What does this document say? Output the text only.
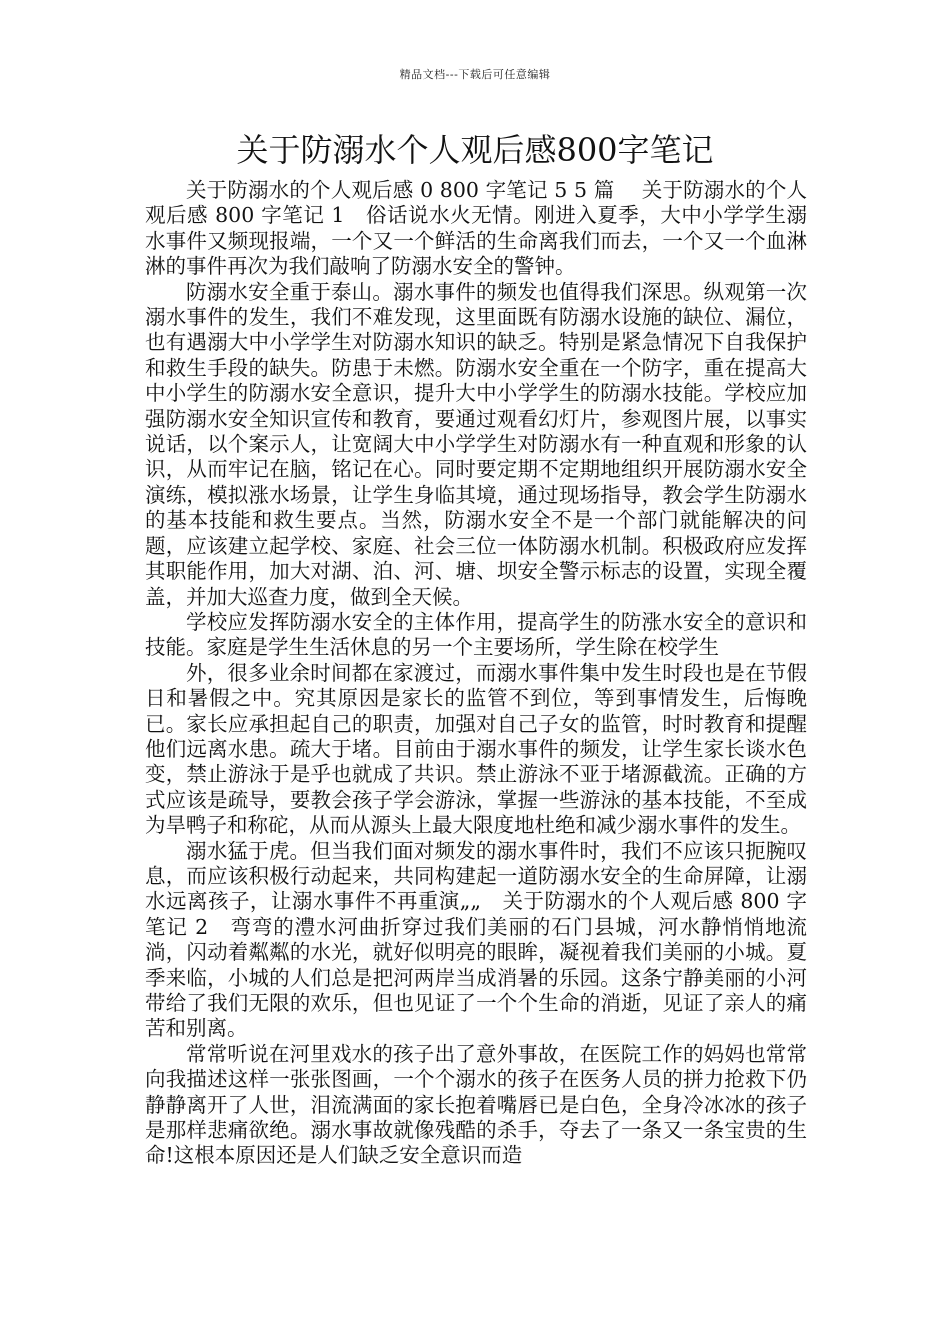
精品文档---下载后可任意编辑
关于防溺水个人观后感800字笔记

关于防溺水的个人观后感 0 800 字笔记 5 5 篇　 关于防溺水的个人观后感 800 字笔记 1　俗话说水火无情。刚进入夏季，大中小学学生溺水事件又频现报端，一个又一个鲜活的生命离我们而去，一个又一个血淋淋的事件再次为我们敲响了防溺水安全的警钟。

防溺水安全重于泰山。溺水事件的频发也值得我们深思。纵观第一次溺水事件的发生，我们不难发现，这里面既有防溺水设施的缺位、漏位，也有遇溺大中小学学生对防溺水知识的缺乏。特别是紧急情况下自我保护和救生手段的缺失。防患于未燃。防溺水安全重在一个防字，重在提高大中小学生的防溺水安全意识，提升大中小学学生的防溺水技能。学校应加强防溺水安全知识宣传和教育，要通过观看幻灯片，参观图片展，以事实说话，以个案示人，让宽阔大中小学学生对防溺水有一种直观和形象的认识，从而牢记在脑，铭记在心。同时要定期不定期地组织开展防溺水安全演练，模拟涨水场景，让学生身临其境，通过现场指导，教会学生防溺水的基本技能和救生要点。当然，防溺水安全不是一个部门就能解决的问题，应该建立起学校、家庭、社会三位一体防溺水机制。积极政府应发挥其职能作用，加大对湖、泊、河、塘、坝安全警示标志的设置，实现全覆盖，并加大巡查力度，做到全天候。

学校应发挥防溺水安全的主体作用，提高学生的防涨水安全的意识和技能。家庭是学生生活休息的另一个主要场所，学生除在校学生

外，很多业余时间都在家渡过，而溺水事件集中发生时段也是在节假日和暑假之中。究其原因是家长的监管不到位，等到事情发生，后悔晚已。家长应承担起自己的职责，加强对自己子女的监管，时时教育和提醒他们远离水患。疏大于堵。目前由于溺水事件的频发，让学生家长谈水色变，禁止游泳于是乎也就成了共识。禁止游泳不亚于堵源截流。正确的方式应该是疏导，要教会孩子学会游泳，掌握一些游泳的基本技能，不至成为旱鸭子和称砣，从而从源头上最大限度地杜绝和减少溺水事件的发生。

溺水猛于虎。但当我们面对频发的溺水事件时，我们不应该只扼腕叹息，而应该积极行动起来，共同构建起一道防溺水安全的生命屏障，让溺水远离孩子，让溺水事件不再重演„„　关于防溺水的个人观后感 800 字笔记 2　弯弯的澧水河曲折穿过我们美丽的石门县城，河水静悄悄地流淌，闪动着粼粼的水光，就好似明亮的眼眸，凝视着我们美丽的小城。夏季来临，小城的人们总是把河两岸当成消暑的乐园。这条宁静美丽的小河带给了我们无限的欢乐，但也见证了一个个生命的消逝，见证了亲人的痛苦和别离。

常常听说在河里戏水的孩子出了意外事故，在医院工作的妈妈也常常向我描述这样一张张图画，一个个溺水的孩子在医务人员的拼力抢救下仍静静离开了人世，泪流满面的家长抱着嘴唇已是白色，全身冷冰冰的孩子是那样悲痛欲绝。溺水事故就像残酷的杀手，夺去了一条又一条宝贵的生命!这根本原因还是人们缺乏安全意识而造
